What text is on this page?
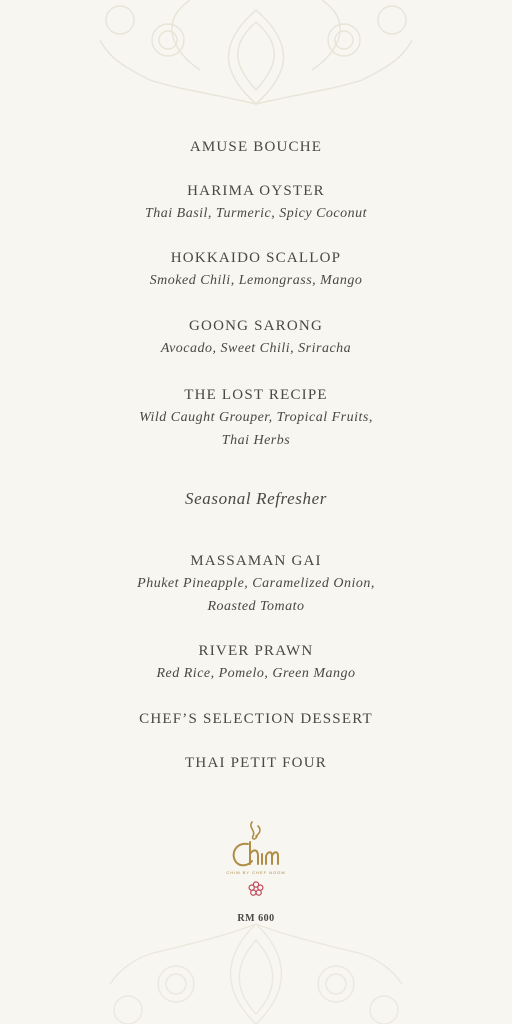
AMUSE BOUCHE
HARIMA OYSTER
Thai Basil, Turmeric, Spicy Coconut
HOKKAIDO SCALLOP
Smoked Chili, Lemongrass, Mango
GOONG SARONG
Avocado, Sweet Chili, Sriracha
THE LOST RECIPE
Wild Caught Grouper, Tropical Fruits,
Thai Herbs
Seasonal Refresher
MASSAMAN GAI
Phuket Pineapple, Caramelized Onion,
Roasted Tomato
RIVER PRAWN
Red Rice, Pomelo, Green Mango
CHEF’S SELECTION DESSERT
THAI PETIT FOUR
CHIM BY CHEF NOOM
RM 600
